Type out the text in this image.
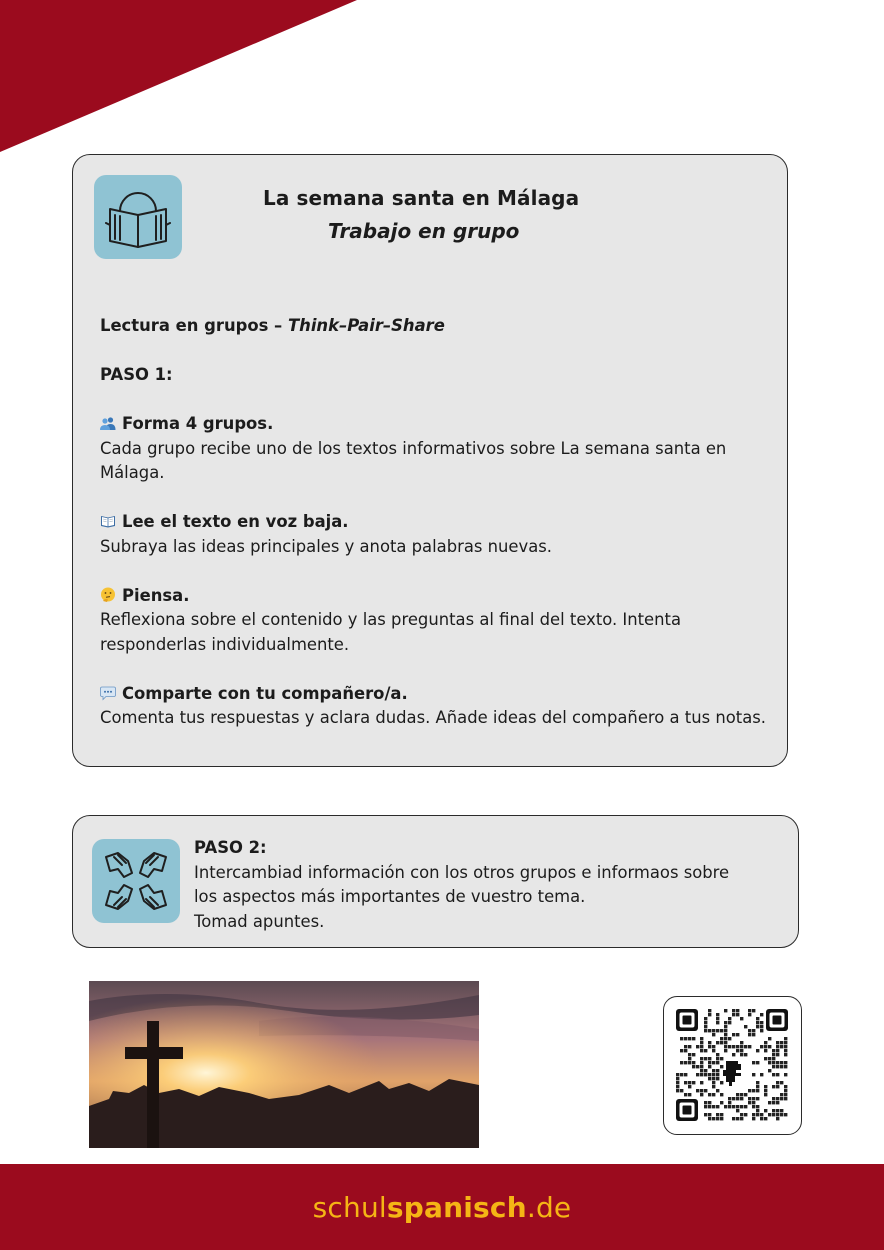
La semana santa en Málaga
Trabajo en grupo

Lectura en grupos – Think–Pair–Share

PASO 1:

Forma 4 grupos.

Cada grupo recibe uno de los textos informativos sobre La semana santa en Málaga.

Lee el texto en voz baja.

Subraya las ideas principales y anota palabras nuevas.

Piensa.

Reflexiona sobre el contenido y las preguntas al final del texto. Intenta responderlas individualmente.

Comparte con tu compañero/a.

Comenta tus respuestas y aclara dudas. Añade ideas del compañero a tus notas.

PASO 2:

Intercambiad información con los otros grupos e informaos sobre

los aspectos más importantes de vuestro tema.

Tomad apuntes.

schulspanisch.de
